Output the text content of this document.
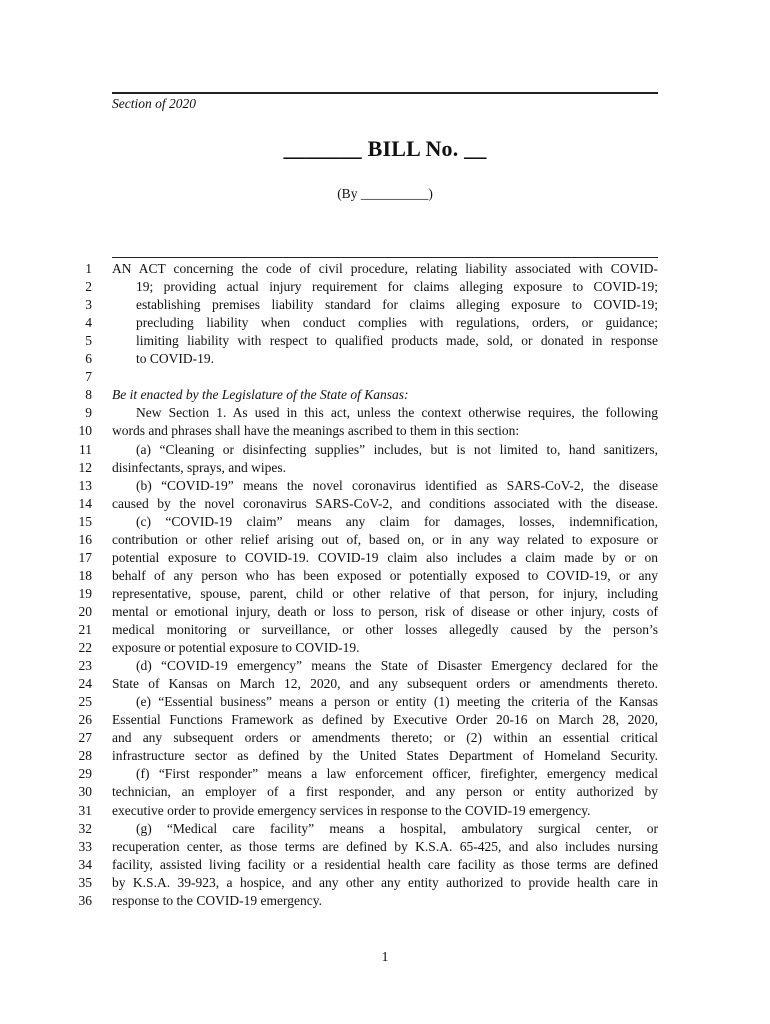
Section of 2020
_______ BILL No. __
(By __________)
1 AN ACT concerning the code of civil procedure, relating liability associated with COVID-
2	19; providing actual injury requirement for claims alleging exposure to COVID-19;
3	establishing premises liability standard for claims alleging exposure to COVID-19;
4	precluding liability when conduct complies with regulations, orders, or guidance;
5	limiting liability with respect to qualified products made, sold, or donated in response
6	to COVID-19.
7
8 Be it enacted by the Legislature of the State of Kansas:
9	New Section 1. As used in this act, unless the context otherwise requires, the following
10 words and phrases shall have the meanings ascribed to them in this section:
11	(a) “Cleaning or disinfecting supplies” includes, but is not limited to, hand sanitizers,
12 disinfectants, sprays, and wipes.
13	(b) “COVID-19” means the novel coronavirus identified as SARS-CoV-2, the disease
14 caused by the novel coronavirus SARS-CoV-2, and conditions associated with the disease.
15	(c) “COVID-19 claim” means any claim for damages, losses, indemnification,
16 contribution or other relief arising out of, based on, or in any way related to exposure or
17 potential exposure to COVID-19. COVID-19 claim also includes a claim made by or on
18 behalf of any person who has been exposed or potentially exposed to COVID-19, or any
19 representative, spouse, parent, child or other relative of that person, for injury, including
20 mental or emotional injury, death or loss to person, risk of disease or other injury, costs of
21 medical monitoring or surveillance, or other losses allegedly caused by the person’s
22 exposure or potential exposure to COVID-19.
23	(d) “COVID-19 emergency” means the State of Disaster Emergency declared for the
24 State of Kansas on March 12, 2020, and any subsequent orders or amendments thereto.
25	(e) “Essential business” means a person or entity (1) meeting the criteria of the Kansas
26 Essential Functions Framework as defined by Executive Order 20-16 on March 28, 2020,
27 and any subsequent orders or amendments thereto; or (2) within an essential critical
28 infrastructure sector as defined by the United States Department of Homeland Security.
29	(f) “First responder” means a law enforcement officer, firefighter, emergency medical
30 technician, an employer of a first responder, and any person or entity authorized by
31 executive order to provide emergency services in response to the COVID-19 emergency.
32	(g) “Medical care facility” means a hospital, ambulatory surgical center, or
33 recuperation center, as those terms are defined by K.S.A. 65-425, and also includes nursing
34 facility, assisted living facility or a residential health care facility as those terms are defined
35 by K.S.A. 39-923, a hospice, and any other any entity authorized to provide health care in
36 response to the COVID-19 emergency.
1
